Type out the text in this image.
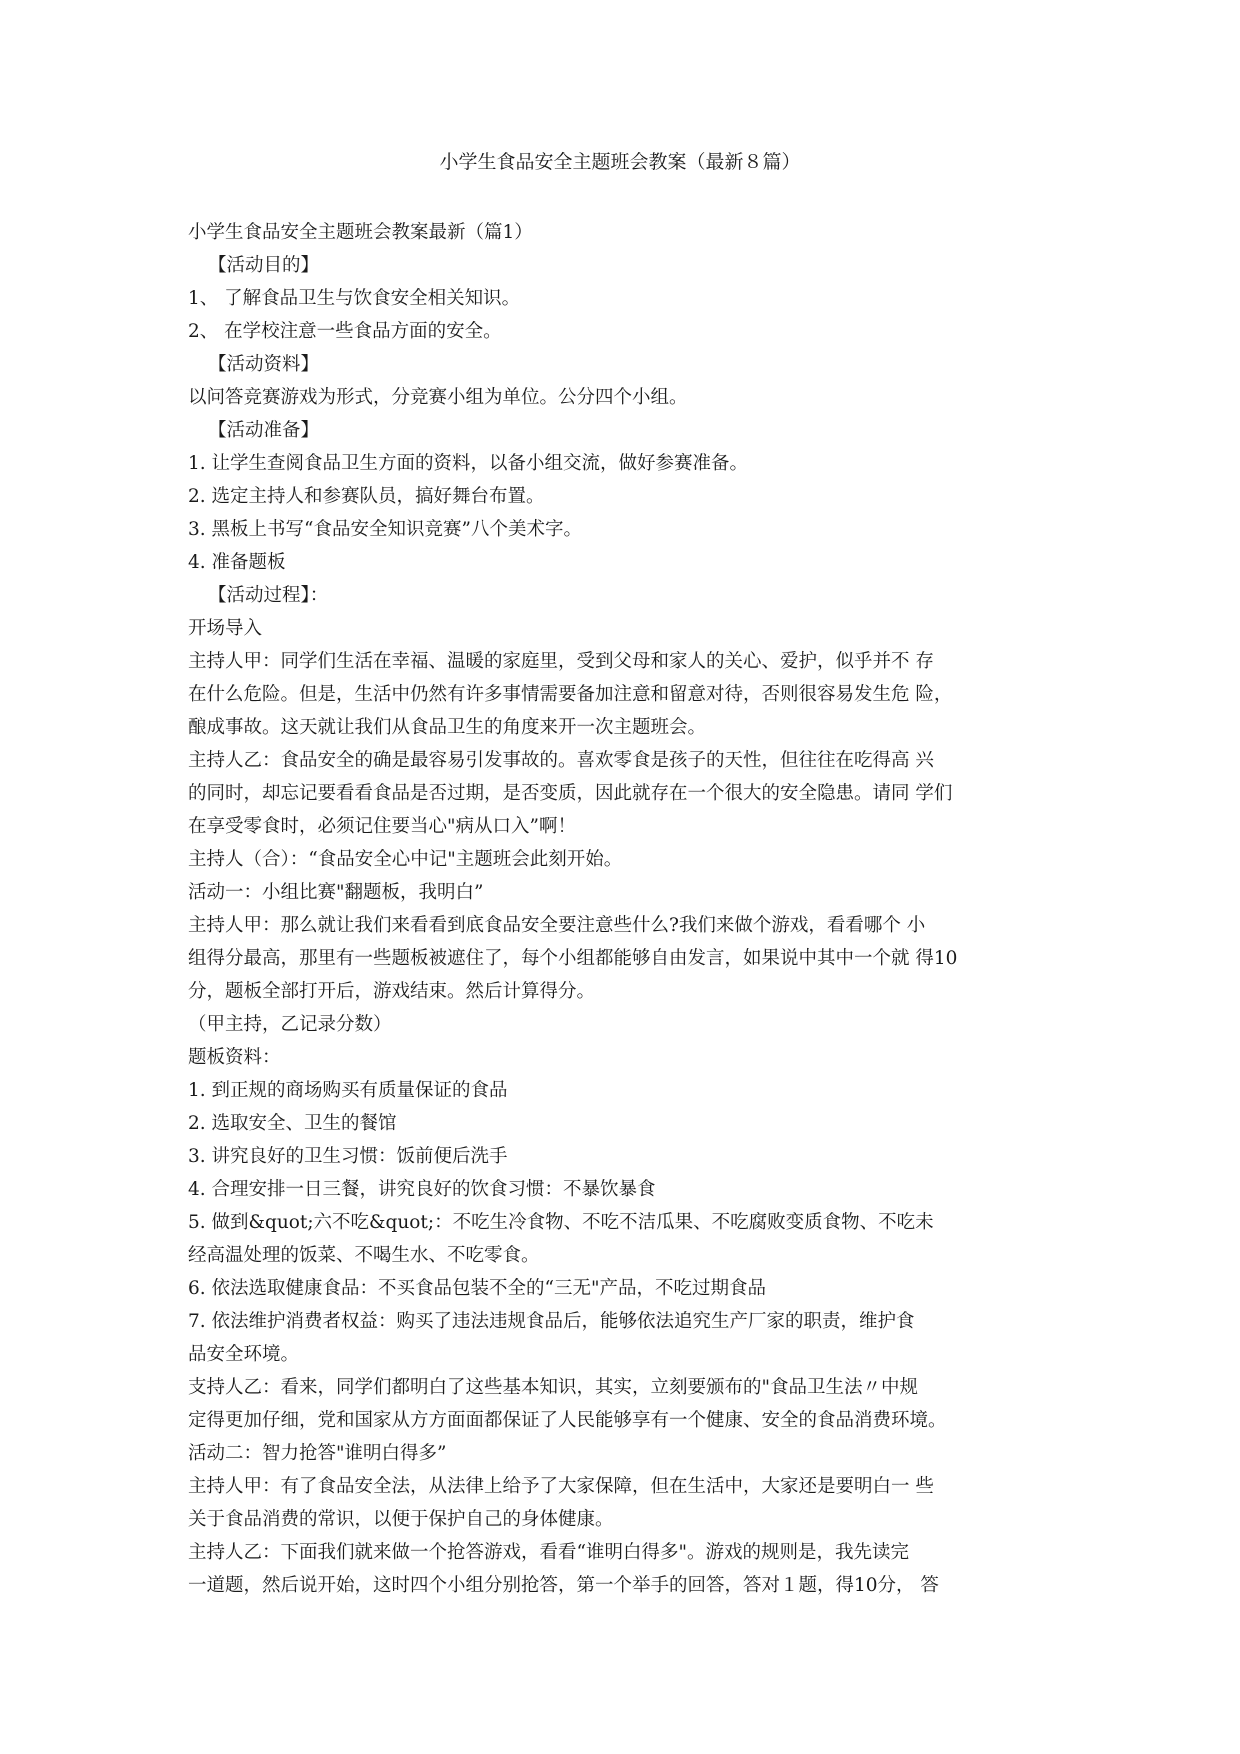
小学生食品安全主题班会教案（最新８篇）
小学生食品安全主题班会教案最新（篇1）
【活动目的】
1、 了解食品卫生与饮食安全相关知识。
2、 在学校注意一些食品方面的安全。
【活动资料】
以问答竞赛游戏为形式，分竞赛小组为单位。公分四个小组。
【活动准备】
1. 让学生查阅食品卫生方面的资料，以备小组交流，做好参赛准备。
2. 选定主持人和参赛队员，搞好舞台布置。
3. 黑板上书写“食品安全知识竞赛”八个美术字。
4. 准备题板
【活动过程】：
开场导入
主持人甲：同学们生活在幸福、温暖的家庭里，受到父母和家人的关心、爱护，似乎并不 存
在什么危险。但是，生活中仍然有许多事情需要备加注意和留意对待，否则很容易发生危 险，
酿成事故。这天就让我们从食品卫生的角度来开一次主题班会。
主持人乙：食品安全的确是最容易引发事故的。喜欢零食是孩子的天性，但往往在吃得高 兴
的同时，却忘记要看看食品是否过期，是否变质，因此就存在一个很大的安全隐患。请同 学们
在享受零食时，必须记住要当心"病从口入”啊！
主持人（合）：“食品安全心中记"主题班会此刻开始。
活动一：小组比赛"翻题板，我明白”
主持人甲：那么就让我们来看看到底食品安全要注意些什么?我们来做个游戏，看看哪个 小
组得分最高，那里有一些题板被遮住了，每个小组都能够自由发言，如果说中其中一个就 得10
分，题板全部打开后，游戏结束。然后计算得分。
（甲主持，乙记录分数）
题板资料：
1. 到正规的商场购买有质量保证的食品
2. 选取安全、卫生的餐馆
3. 讲究良好的卫生习惯：饭前便后洗手
4. 合理安排一日三餐，讲究良好的饮食习惯：不暴饮暴食
5. 做到&quot;六不吃&quot;：不吃生冷食物、不吃不洁瓜果、不吃腐败变质食物、不吃未
经高温处理的饭菜、不喝生水、不吃零食。
6. 依法选取健康食品：不买食品包装不全的“三无"产品，不吃过期食品
7. 依法维护消费者权益：购买了违法违规食品后，能够依法追究生产厂家的职责，维护食
品安全环境。
支持人乙：看来，同学们都明白了这些基本知识，其实，立刻要颁布的"食品卫生法〃中规
定得更加仔细，党和国家从方方面面都保证了人民能够享有一个健康、安全的食品消费环境。
活动二：智力抢答"谁明白得多”
主持人甲：有了食品安全法，从法律上给予了大家保障，但在生活中，大家还是要明白一 些
关于食品消费的常识，以便于保护自己的身体健康。
主持人乙：下面我们就来做一个抢答游戏，看看“谁明白得多"。游戏的规则是，我先读完
一道题，然后说开始，这时四个小组分别抢答，第一个举手的回答，答对１题，得10分， 答
